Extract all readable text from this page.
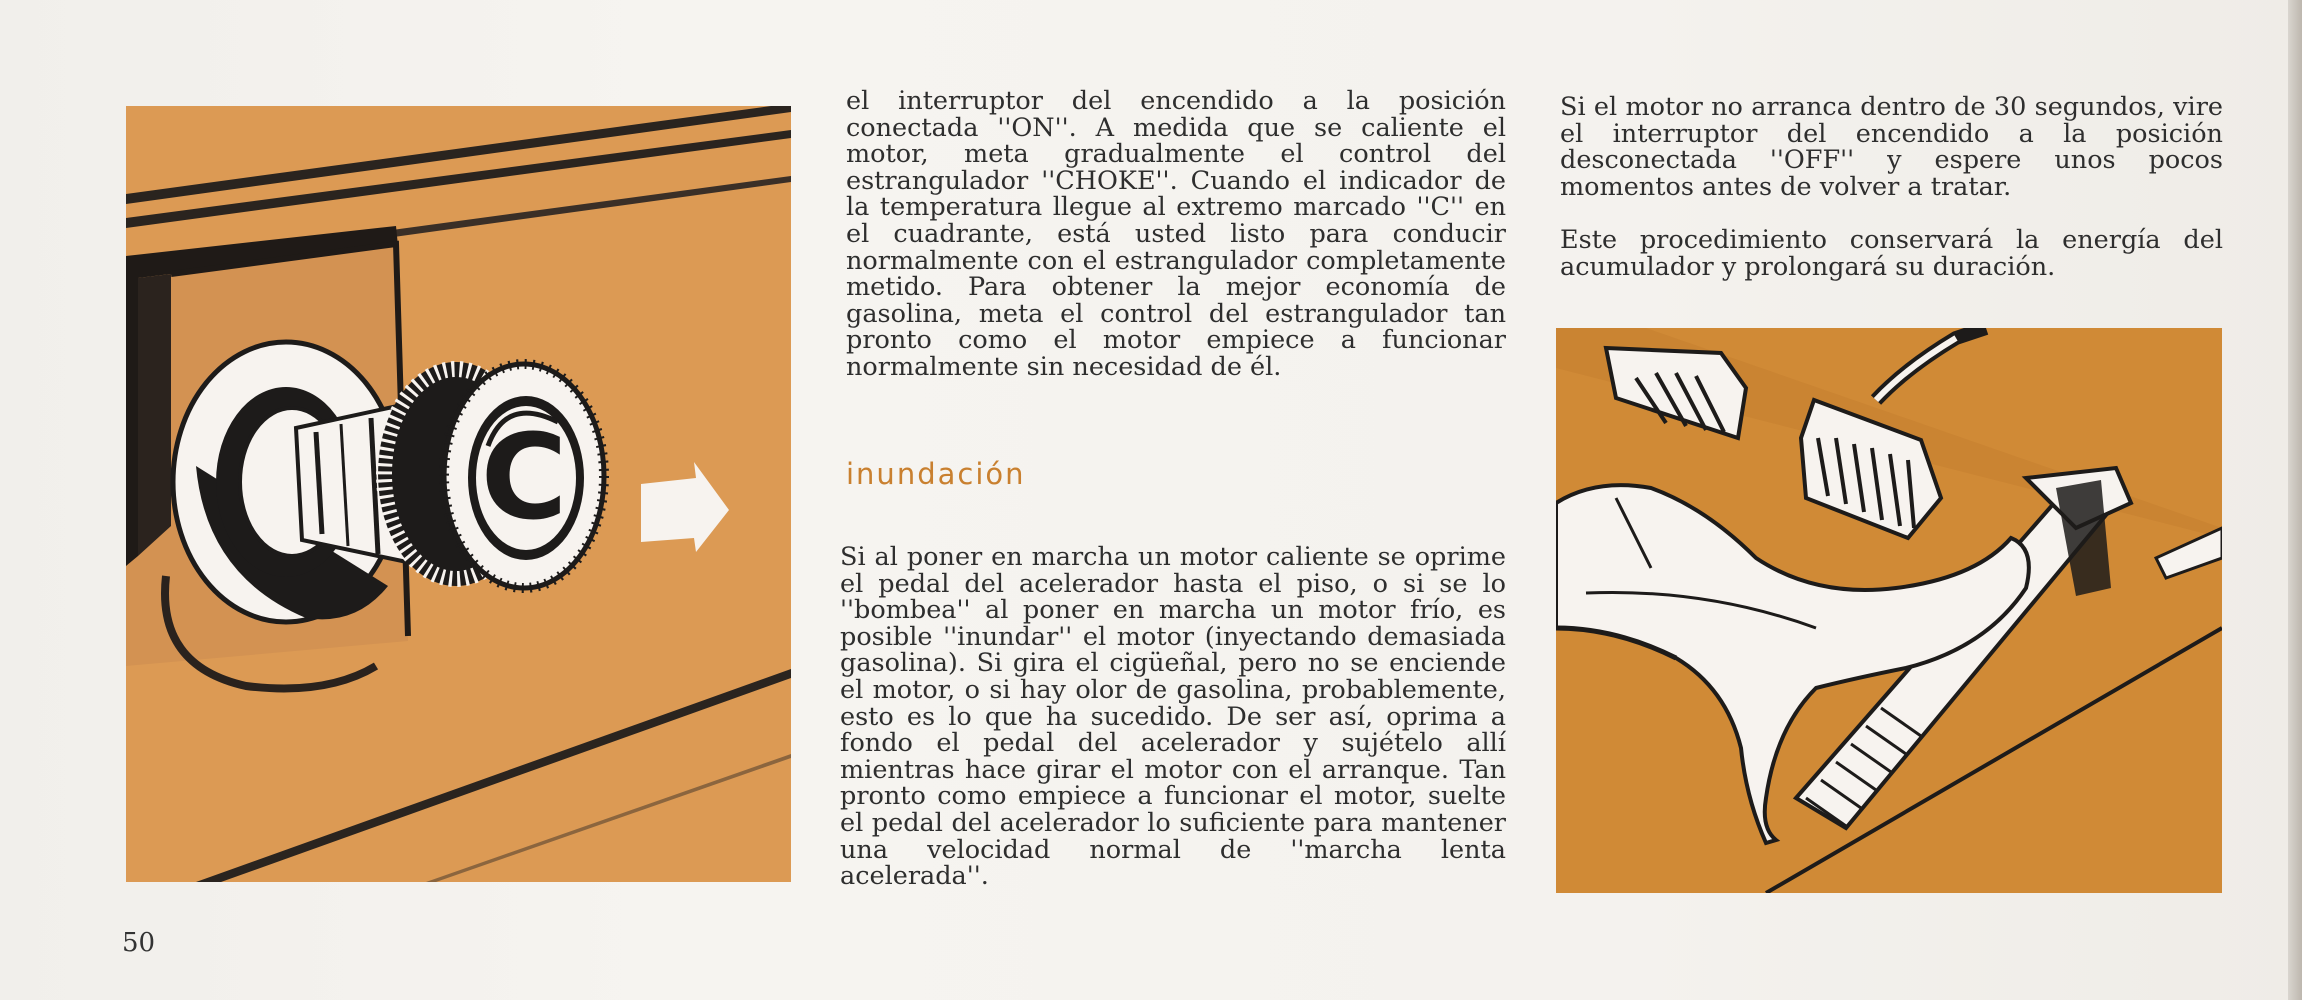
C

el interruptor del encendido a la posición conectada ''ON''. A medida que se caliente el motor, meta gradualmente el control del estrangulador ''CHOKE''. Cuando el indicador de la temperatura llegue al extremo marcado ''C'' en el cuadrante, está usted listo para conducir normalmente con el estrangulador completamente metido. Para obtener la mejor economía de gasolina, meta el control del estrangulador tan pronto como el motor empiece a funcionar normalmente sin necesidad de él.

inundación

Si al poner en marcha un motor caliente se oprime el pedal del acelerador hasta el piso, o si se lo ''bombea'' al poner en marcha un motor frío, es posible ''inundar'' el motor (inyectando demasiada gasolina). Si gira el cigüeñal, pero no se enciende el motor, o si hay olor de gasolina, probablemente, esto es lo que ha sucedido. De ser así, oprima a fondo el pedal del acelerador y sujételo allí mientras hace girar el motor con el arranque. Tan pronto como empiece a funcionar el motor, suelte el pedal del acelerador lo suficiente para mantener una velocidad normal de ''marcha lenta acelerada''.

Si el motor no arranca dentro de 30 segundos, vire el interruptor del encendido a la posición desconectada ''OFF'' y espere unos pocos momentos antes de volver a tratar.

Este procedimiento conservará la energía del acumulador y prolongará su duración.

50
